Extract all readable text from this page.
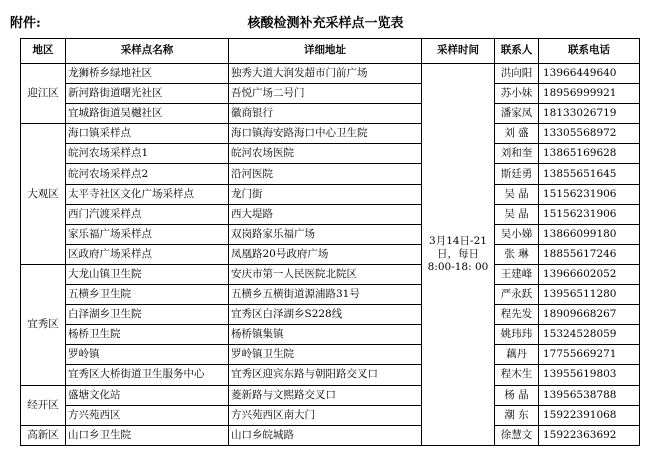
附件:	核酸检测补充采样点一览表
地区	采样点名称	详细地址	采样时间	联系人	联系电话
迎江区	龙狮桥乡绿地社区	独秀大道大润发超市门前广场	3月14日-21日，每日8:00-18: 00	洪向阳	13966449640
	新河路街道曙光社区	吾悦广场二号门		苏小妹	18956999921
	宜城路街道吴樾社区	徽商银行		潘家凤	18133026719
大观区	海口镇采样点	海口镇海安路海口中心卫生院		刘 盛	13305568972
	皖河农场采样点1	皖河农场医院		刘和奎	13865169628
	皖河农场采样点2	沿河医院		斯廷勇	13855651645
	太平寺社区文化广场采样点	龙门街		吴 晶	15156231906
	西门汽渡采样点	西大堤路		吴 晶	15156231906
	家乐福广场采样点	双岗路家乐福广场		吴小娣	13866099180
	区政府广场采样点	凤凰路20号政府广场		张 琳	18855617246
宜秀区	大龙山镇卫生院	安庆市第一人民医院北院区		王建峰	13966602052
	五横乡卫生院	五横乡五横街道源浦路31号		严永跃	13956511280
	白泽湖乡卫生院	宜秀区白泽湖乡S228线		程先发	18909668267
	杨桥卫生院	杨桥镇集镇		姚玮玮	15324528059
	罗岭镇	罗岭镇卫生院		藕丹	17755669271
	宜秀区大桥街道卫生服务中心	宜秀区迎宾东路与朝阳路交叉口		程木生	13955619803
经开区	盛塘文化站	菱新路与文熙路交叉口		杨 晶	13956538788
	方兴苑西区	方兴苑西区南大门		潮 东	15922391068
高新区	山口乡卫生院	山口乡皖城路		徐慧文	15922363692
